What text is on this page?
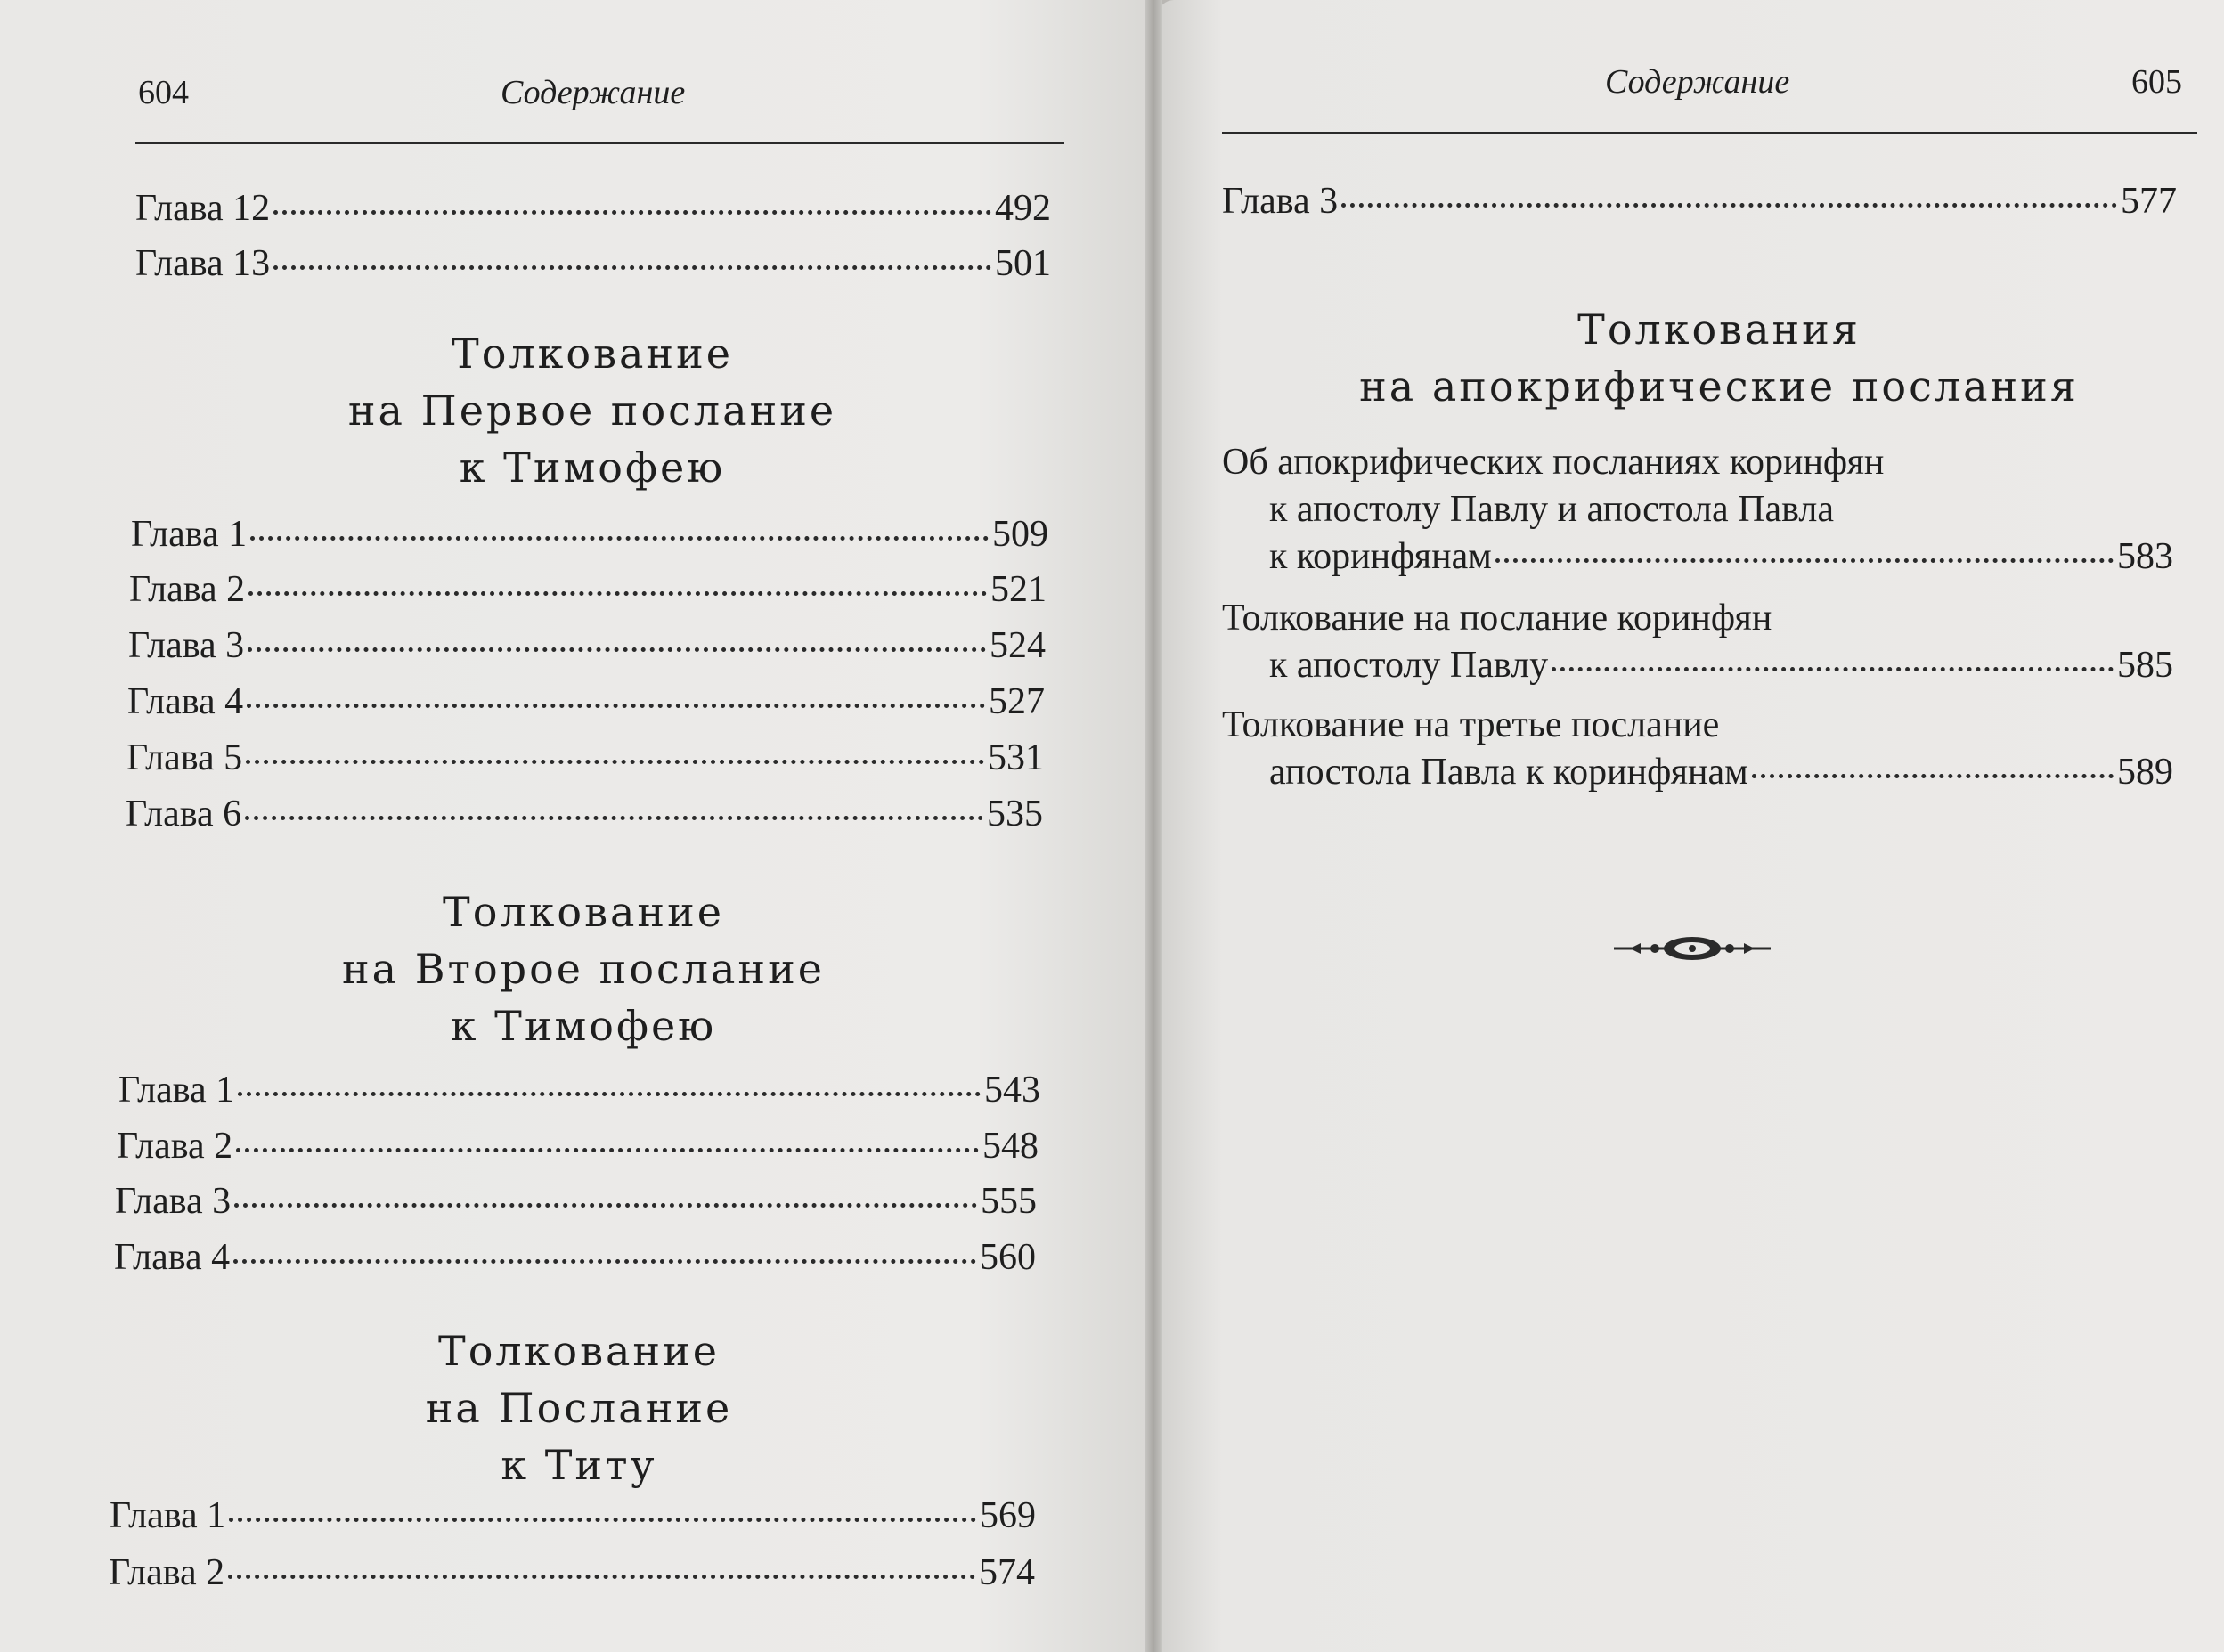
604	Содержание
Глава 12	492
Глава 13	501
Толкование
на Первое послание
к Тимофею
Глава 1	509
Глава 2	521
Глава 3	524
Глава 4	527
Глава 5	531
Глава 6	535
Толкование
на Второе послание
к Тимофею
Глава 1	543
Глава 2	548
Глава 3	555
Глава 4	560
Толкование
на Послание
к Титу
Глава 1	569
Глава 2	574
Содержание	605
Глава 3	577
Толкования
на апокрифические послания
Об апокрифических посланиях коринфян
к апостолу Павлу и апостола Павла
к коринфянам	583
Толкование на послание коринфян
к апостолу Павлу	585
Толкование на третье послание
апостола Павла к коринфянам	589
